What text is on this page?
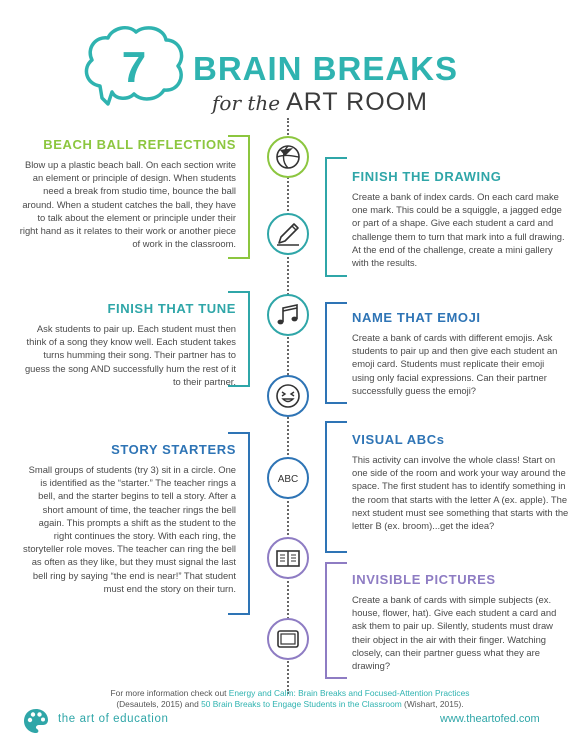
7 BRAIN BREAKS
for the ART ROOM
ABC
BEACH BALL REFLECTIONS

Blow up a plastic beach ball. On each section write an element or principle of design. When students need a break from studio time, bounce the ball around. When a student catches the ball, they have to talk about the element or principle under their right hand as it relates to their work or another piece of work in the classroom.

FINISH THE DRAWING

Create a bank of index cards. On each card make one mark. This could be a squiggle, a jagged edge or part of a shape. Give each student a card and challenge them to turn that mark into a full drawing. At the end of the challenge, create a mini gallery with the results.

FINISH THAT TUNE

Ask students to pair up. Each student must then think of a song they know well. Each student takes turns humming their song. Their partner has to guess the song AND successfully hum the rest of it to their partner.

NAME THAT EMOJI

Create a bank of cards with different emojis. Ask students to pair up and then give each student an emoji card. Students must replicate their emoji using only facial expressions. Can their partner successfully guess the emoji?

STORY STARTERS

Small groups of students (try 3) sit in a circle. One is identified as the “starter.” The teacher rings a bell, and the starter begins to tell a story. After a short amount of time, the teacher rings the bell again. This prompts a shift as the student to the right continues the story. With each ring, the storyteller role moves. The teacher can ring the bell as often as they like, but they must signal the last bell ring by saying “the end is near!” That student must end the story on their turn.

VISUAL ABCs

This activity can involve the whole class! Start on one side of the room and work your way around the space. The first student has to identify something in the room that starts with the letter A (ex. apple). The next student must see something that starts with the letter B (ex. broom)...get the idea?

INVISIBLE PICTURES

Create a bank of cards with simple subjects (ex. house, flower, hat). Give each student a card and ask them to pair up. Silently, students must draw their object in the air with their finger. Watching closely, can their partner guess what they are drawing?

For more information check out Energy and Calm: Brain Breaks and Focused-Attention Practices
(Desautels, 2015) and 50 Brain Breaks to Engage Students in the Classroom (Wishart, 2015).
the art of education	www.theartofed.com
